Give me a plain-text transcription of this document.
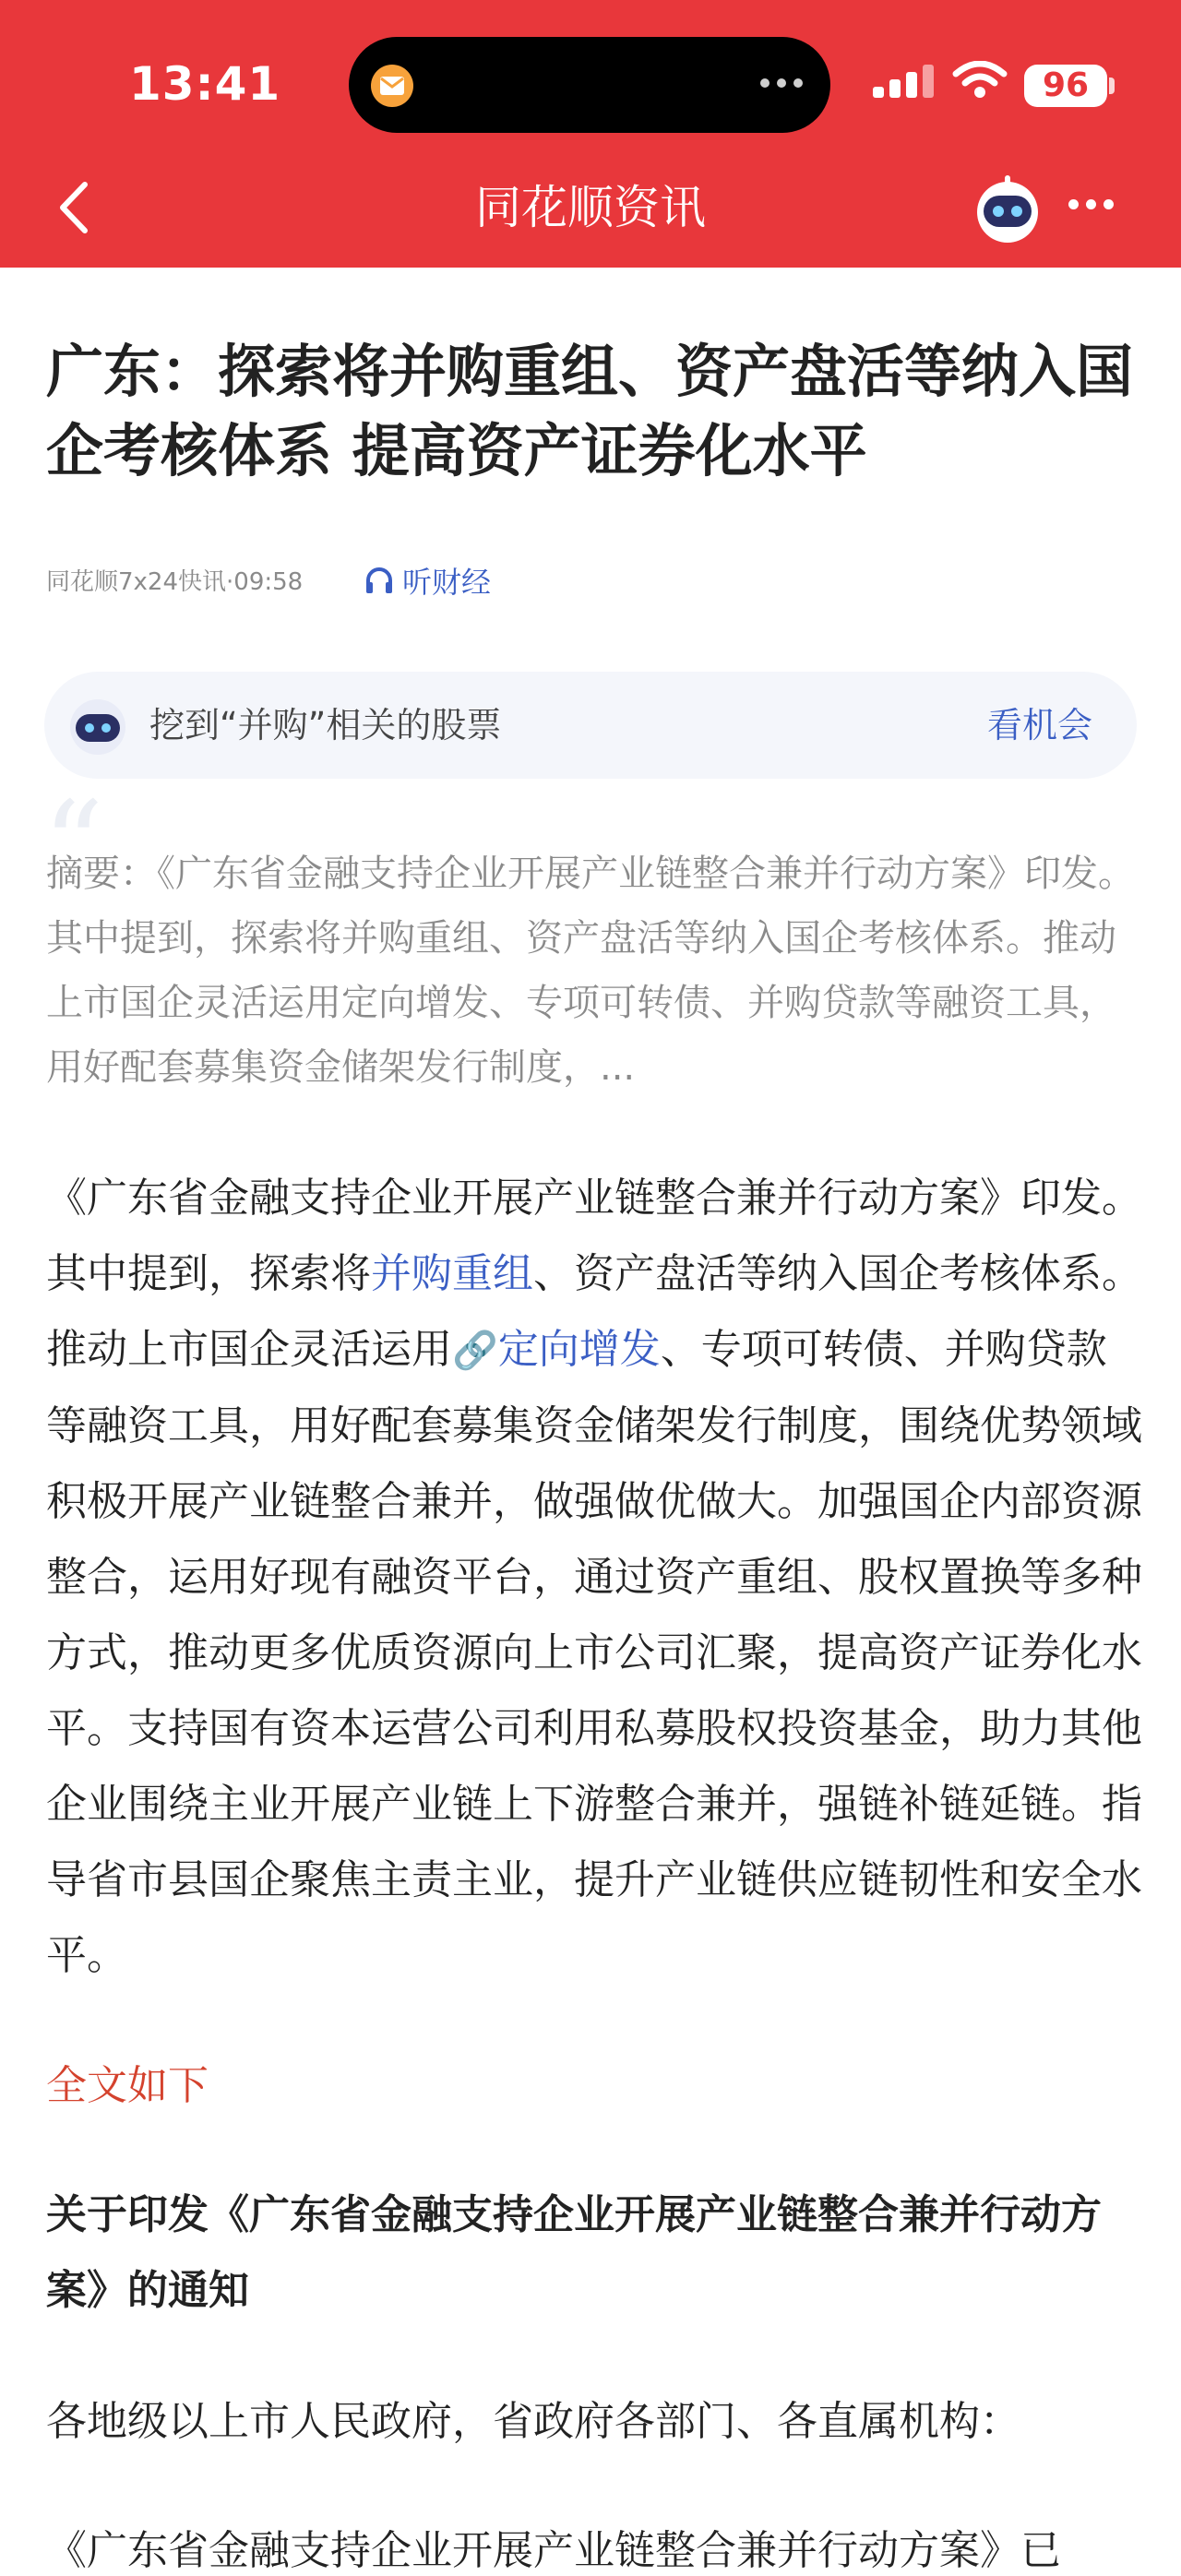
13:41	96
同花顺资讯
广东：探索将并购重组、资产盘活等纳入国企考核体系 提高资产证券化水平
同花顺7x24快讯·09:58	听财经
挖到“并购”相关的股票	看机会
“

摘要：《广东省金融支持企业开展产业链整合兼并行动方案》印发。其中提到，探索将并购重组、资产盘活等纳入国企考核体系。推动上市国企灵活运用定向增发、专项可转债、并购贷款等融资工具，用好配套募集资金储架发行制度，...

《广东省金融支持企业开展产业链整合兼并行动方案》印发。其中提到，探索将并购重组、资产盘活等纳入国企考核体系。推动上市国企灵活运用🔗定向增发、专项可转债、并购贷款等融资工具，用好配套募集资金储架发行制度，围绕优势领域积极开展产业链整合兼并，做强做优做大。加强国企内部资源整合，运用好现有融资平台，通过资产重组、股权置换等多种方式，推动更多优质资源向上市公司汇聚，提高资产证券化水平。支持国有资本运营公司利用私募股权投资基金，助力其他企业围绕主业开展产业链上下游整合兼并，强链补链延链。指导省市县国企聚焦主责主业，提升产业链供应链韧性和安全水平。

全文如下

关于印发《广东省金融支持企业开展产业链整合兼并行动方案》的通知

各地级以上市人民政府，省政府各部门、各直属机构：
《广东省金融支持企业开展产业链整合兼并行动方案》已
